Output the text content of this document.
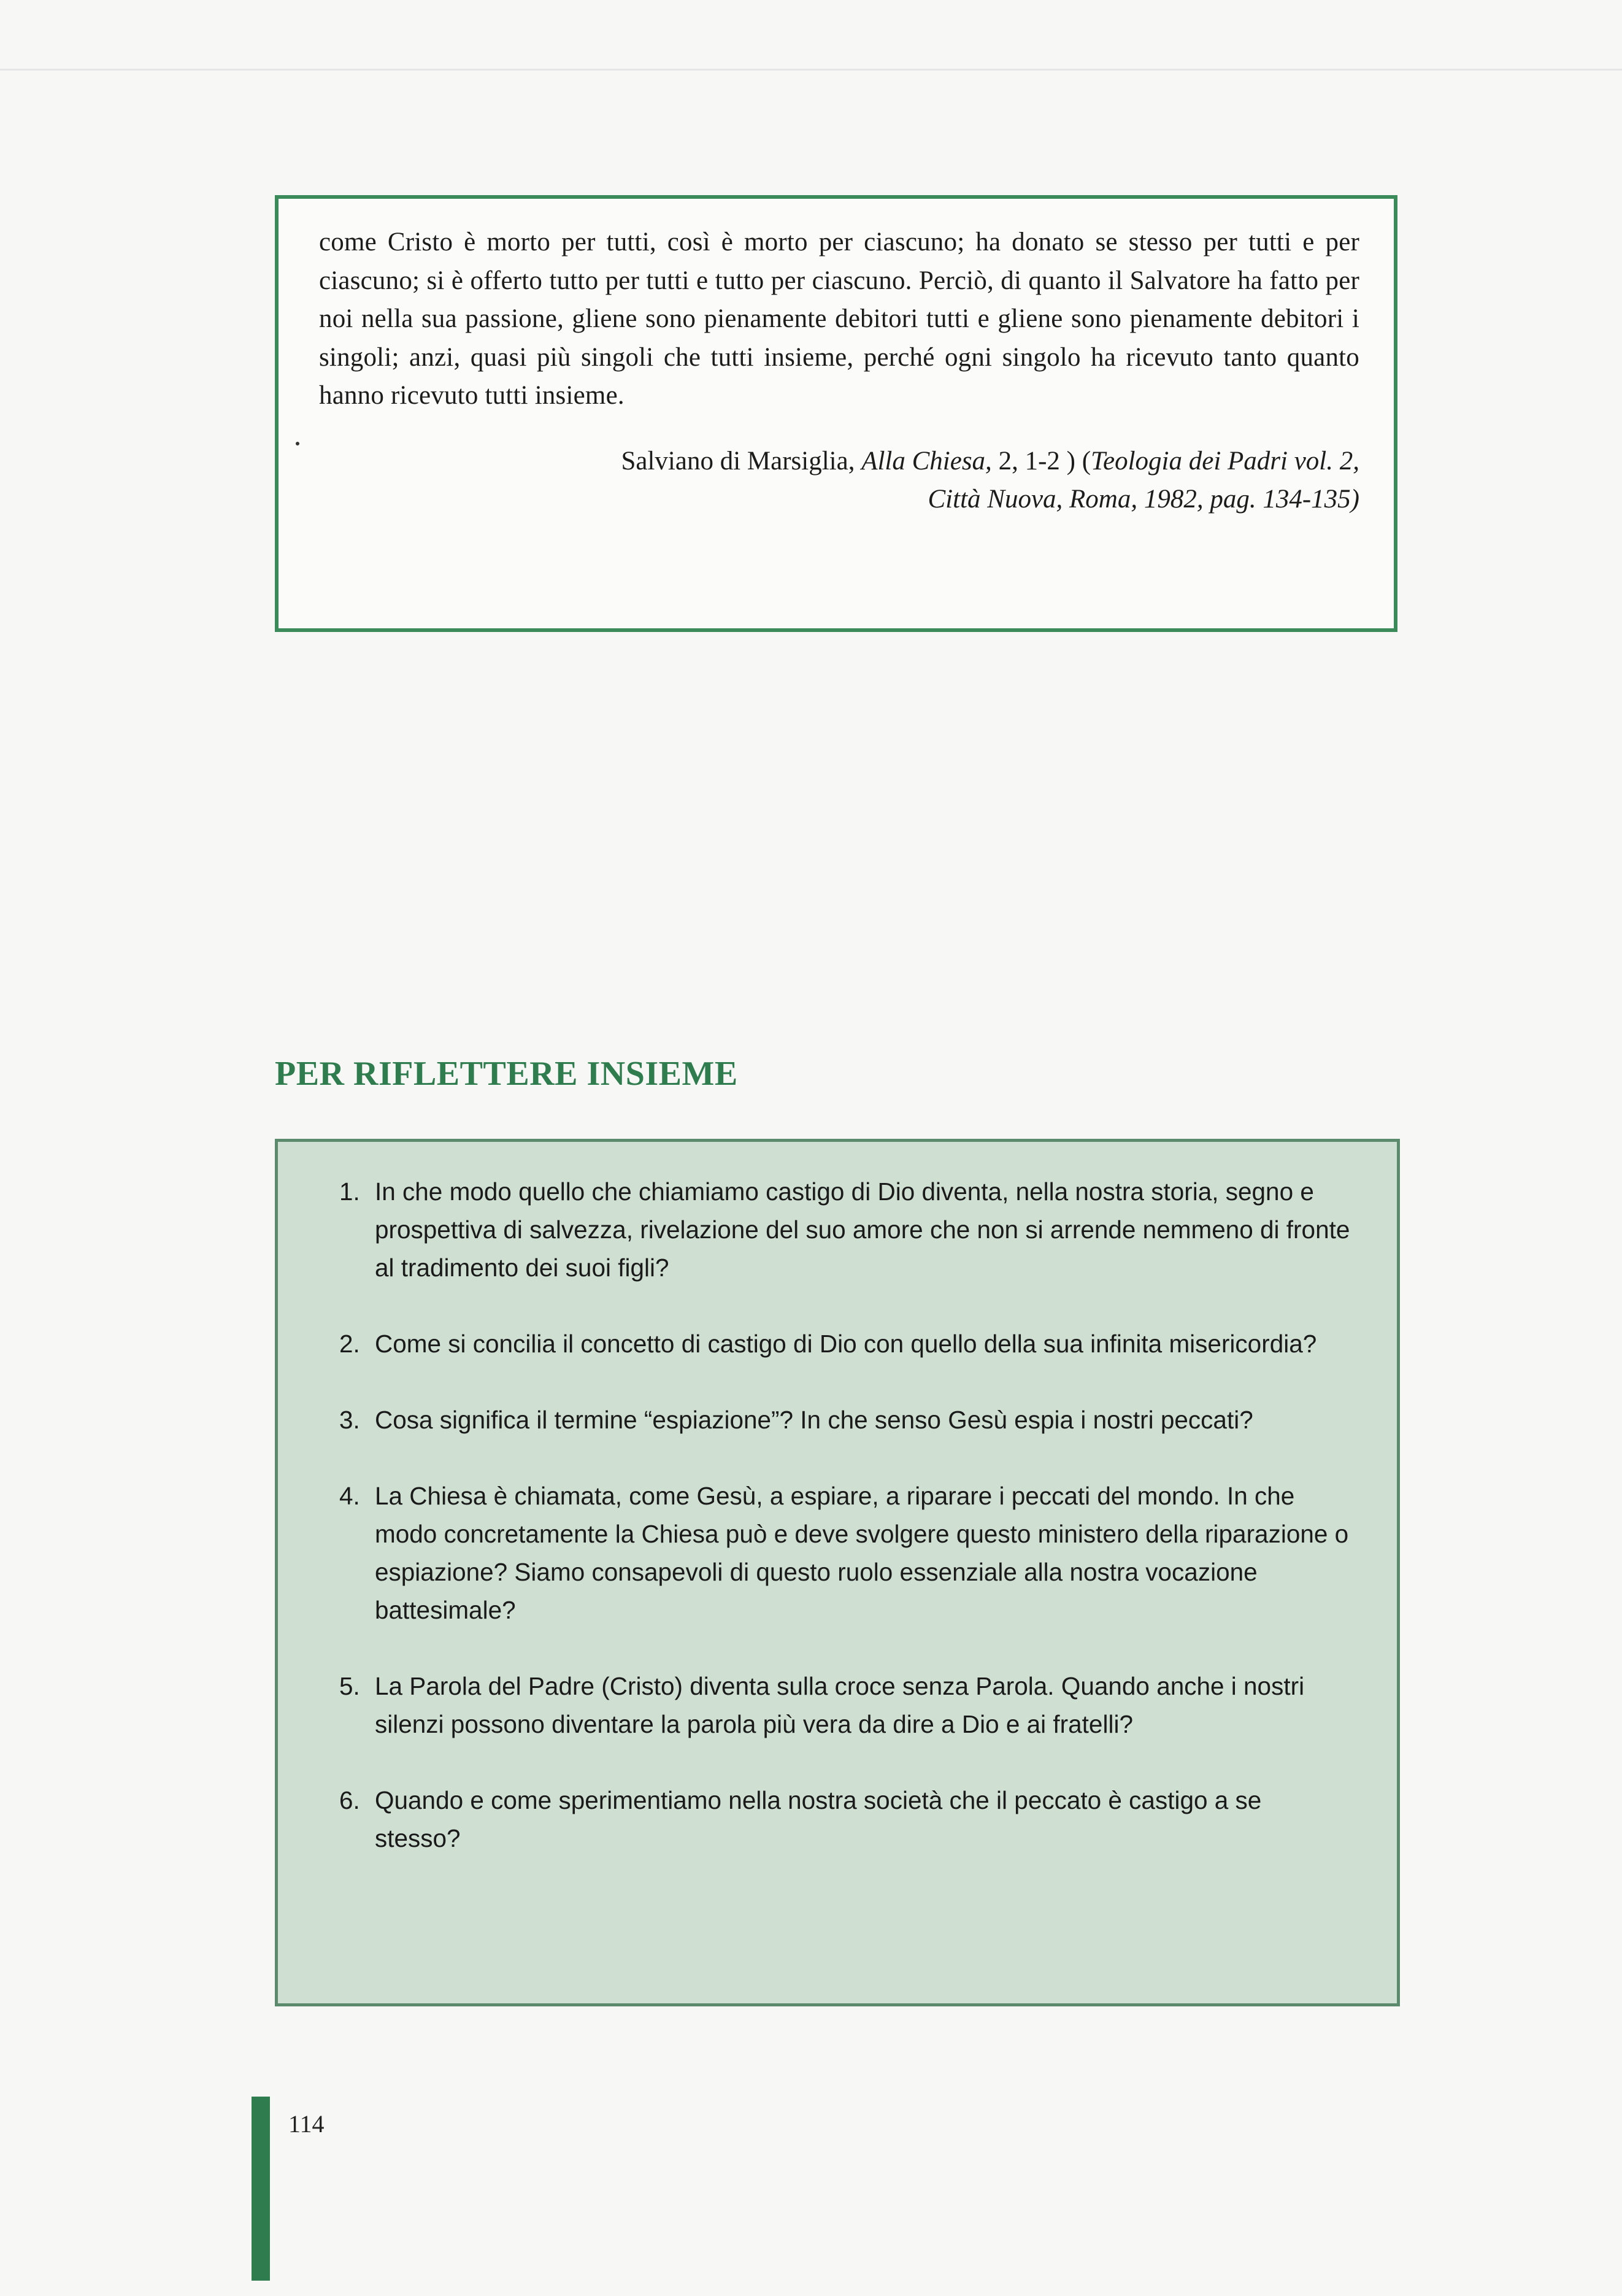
come Cristo è morto per tutti, così è morto per ciascuno; ha donato se stesso per tutti e per ciascuno; si è offerto tutto per tutti e tutto per ciascuno. Perciò, di quanto il Salvatore ha fatto per noi nella sua passione, gliene sono pienamente debitori tutti e gliene sono pienamente debitori i singoli; anzi, quasi più singoli che tutti insieme, perché ogni singolo ha ricevuto tanto quanto hanno ricevuto tutti insieme.

Salviano di Marsiglia, Alla Chiesa, 2, 1-2 ) (Teologia dei Padri vol. 2,
Città Nuova, Roma, 1982, pag. 134-135)
PER RIFLETTERE INSIEME
1. In che modo quello che chiamiamo castigo di Dio diventa, nella nostra storia, segno e prospettiva di salvezza, rivelazione del suo amore che non si arrende nemmeno di fronte al tradimento dei suoi figli?
2. Come si concilia il concetto di castigo di Dio con quello della sua infinita misericordia?
3. Cosa significa il termine “espiazione”? In che senso Gesù espia i nostri peccati?
4. La Chiesa è chiamata, come Gesù, a espiare, a riparare i peccati del mondo. In che modo concretamente la Chiesa può e deve svolgere questo ministero della riparazione o espiazione? Siamo consapevoli di questo ruolo essenziale alla nostra vocazione battesimale?
5. La Parola del Padre (Cristo) diventa sulla croce senza Parola. Quando anche i nostri silenzi possono diventare la parola più vera da dire a Dio e ai fratelli?
6. Quando e come sperimentiamo nella nostra società che il peccato è castigo a se stesso?
114
